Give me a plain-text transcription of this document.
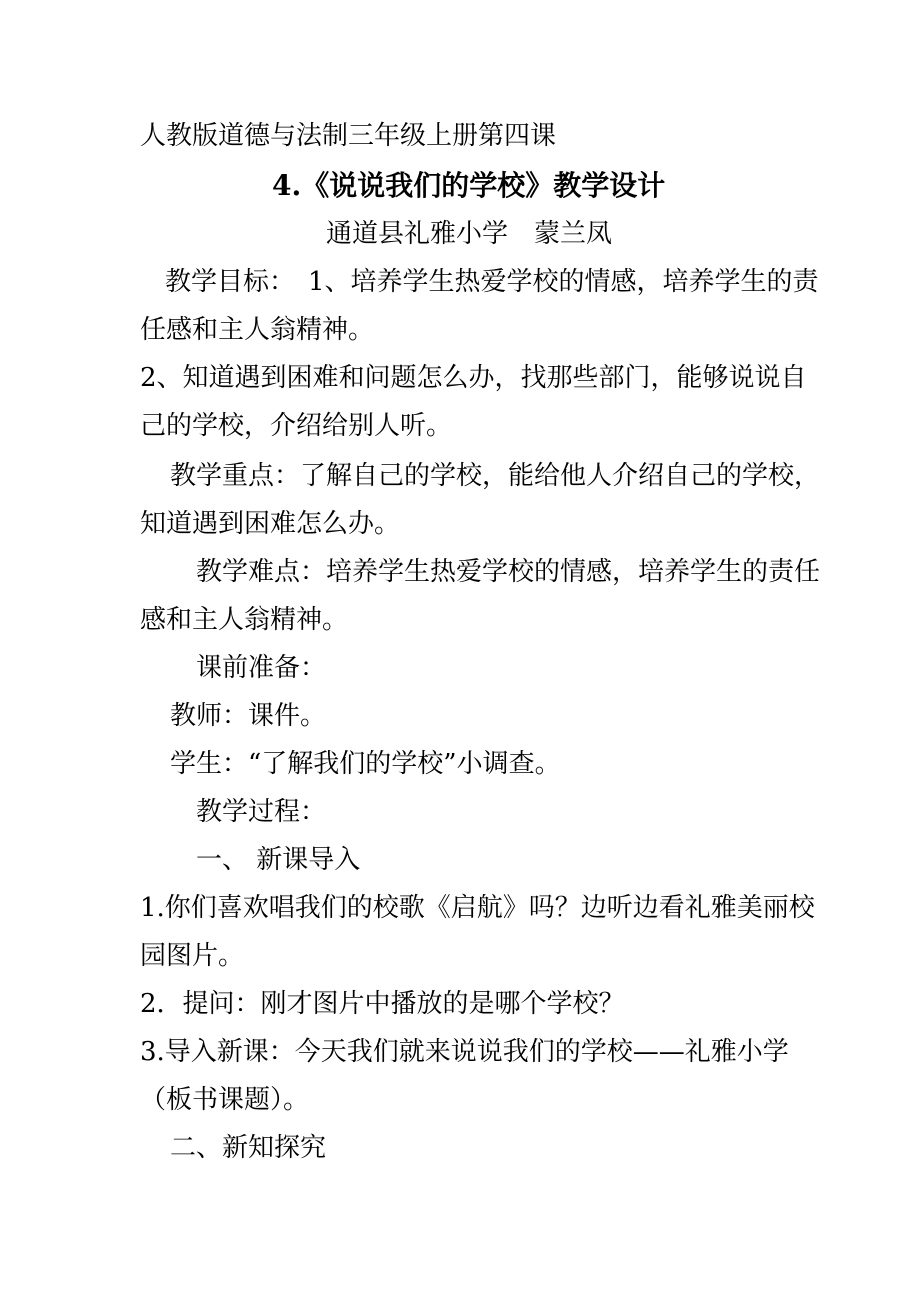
人教版道德与法制三年级上册第四课
4.《说说我们的学校》教学设计
通道县礼雅小学　蒙兰凤
教学目标：　1、培养学生热爱学校的情感，培养学生的责
任感和主人翁精神。
2、知道遇到困难和问题怎么办，找那些部门，能够说说自
己的学校，介绍给别人听。
教学重点：了解自己的学校，能给他人介绍自己的学校，
知道遇到困难怎么办。
教学难点：培养学生热爱学校的情感，培养学生的责任
感和主人翁精神。
课前准备：
教师：课件。
学生：“了解我们的学校”小调查。
教学过程：
一、 新课导入
1.你们喜欢唱我们的校歌《启航》吗？边听边看礼雅美丽校
园图片。
2．提问：刚才图片中播放的是哪个学校？
3.导入新课：今天我们就来说说我们的学校——礼雅小学
（板书课题）。
二、新知探究
